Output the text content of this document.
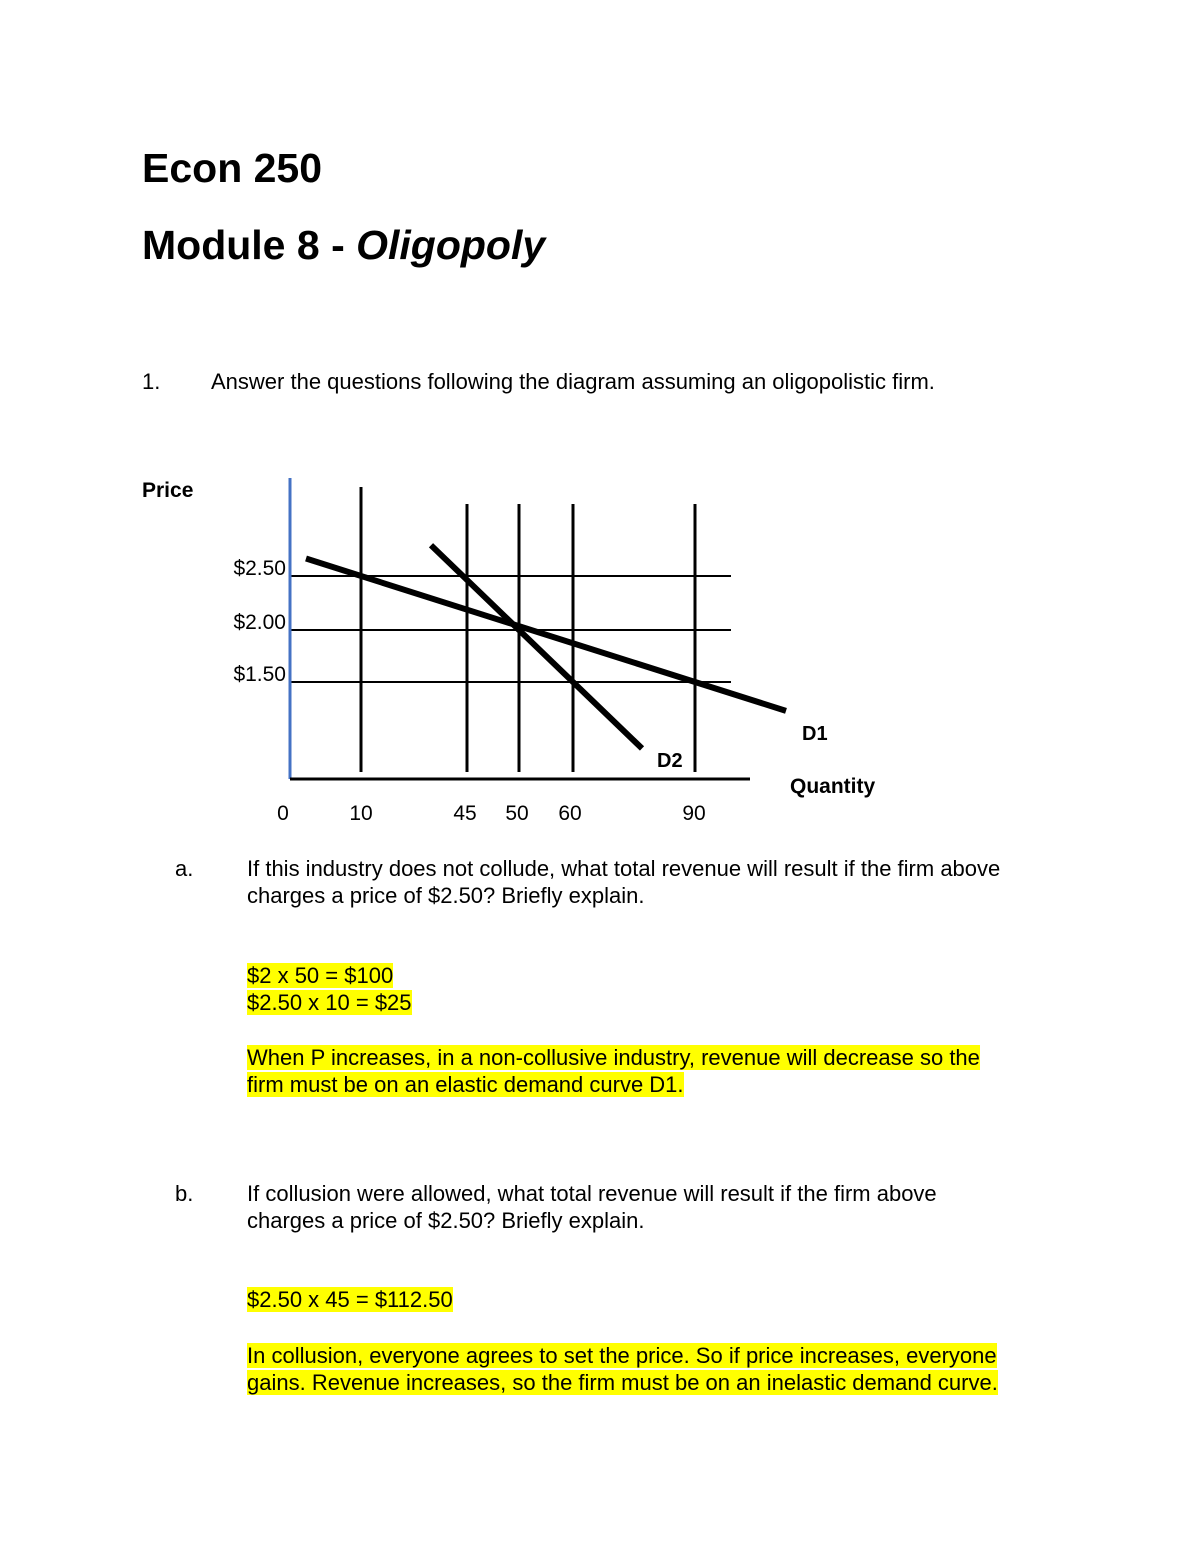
Econ 250
Module 8 - Oligopoly
1. Answer the questions following the diagram assuming an oligopolistic firm.
Price
Quantity
D1
D2
$2.50
$2.00
$1.50
0	10	45 50 60	90
a. If this industry does not collude, what total revenue will result if the firm above
charges a price of $2.50? Briefly explain.
$2 x 50 = $100
$2.50 x 10 = $25
When P increases, in a non-collusive industry, revenue will decrease so the
firm must be on an elastic demand curve D1.
b. If collusion were allowed, what total revenue will result if the firm above
charges a price of $2.50? Briefly explain.
$2.50 x 45 = $112.50
In collusion, everyone agrees to set the price. So if price increases, everyone
gains. Revenue increases, so the firm must be on an inelastic demand curve.
